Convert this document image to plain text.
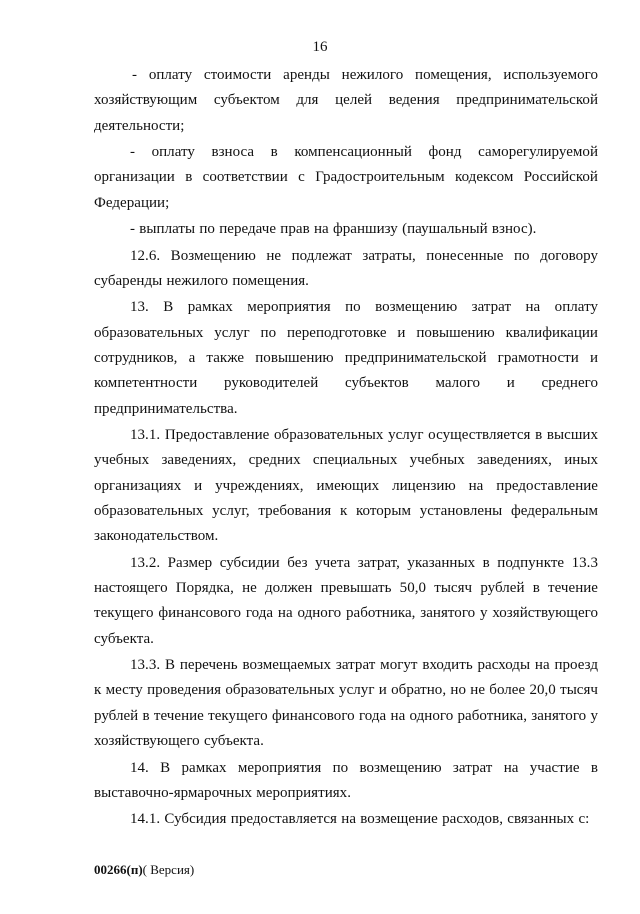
16

- оплату стоимости аренды нежилого помещения, используемого хозяйствующим субъектом для целей ведения предпринимательской деятельности;

- оплату взноса в компенсационный фонд саморегулируемой организации в соответствии с Градостроительным кодексом Российской Федерации;

- выплаты по передаче прав на франшизу (паушальный взнос).

12.6. Возмещению не подлежат затраты, понесенные по договору субаренды нежилого помещения.

13. В рамках мероприятия по возмещению затрат на оплату образовательных услуг по переподготовке и повышению квалификации сотрудников, а также повышению предпринимательской грамотности и компетентности руководителей субъектов малого и среднего предпринимательства.

13.1. Предоставление образовательных услуг осуществляется в высших учебных заведениях, средних специальных учебных заведениях, иных организациях и учреждениях, имеющих лицензию на предоставление образовательных услуг, требования к которым установлены федеральным законодательством.

13.2. Размер субсидии без учета затрат, указанных в подпункте 13.3 настоящего Порядка, не должен превышать 50,0 тысяч рублей в течение текущего финансового года на одного работника, занятого у хозяйствующего субъекта.

13.3. В перечень возмещаемых затрат могут входить расходы на проезд к месту проведения образовательных услуг и обратно, но не более 20,0 тысяч рублей в течение текущего финансового года на одного работника, занятого у хозяйствующего субъекта.

14. В рамках мероприятия по возмещению затрат на участие в выставочно-ярмарочных мероприятиях.

14.1. Субсидия предоставляется на возмещение расходов, связанных с:

00266(п)( Версия)
